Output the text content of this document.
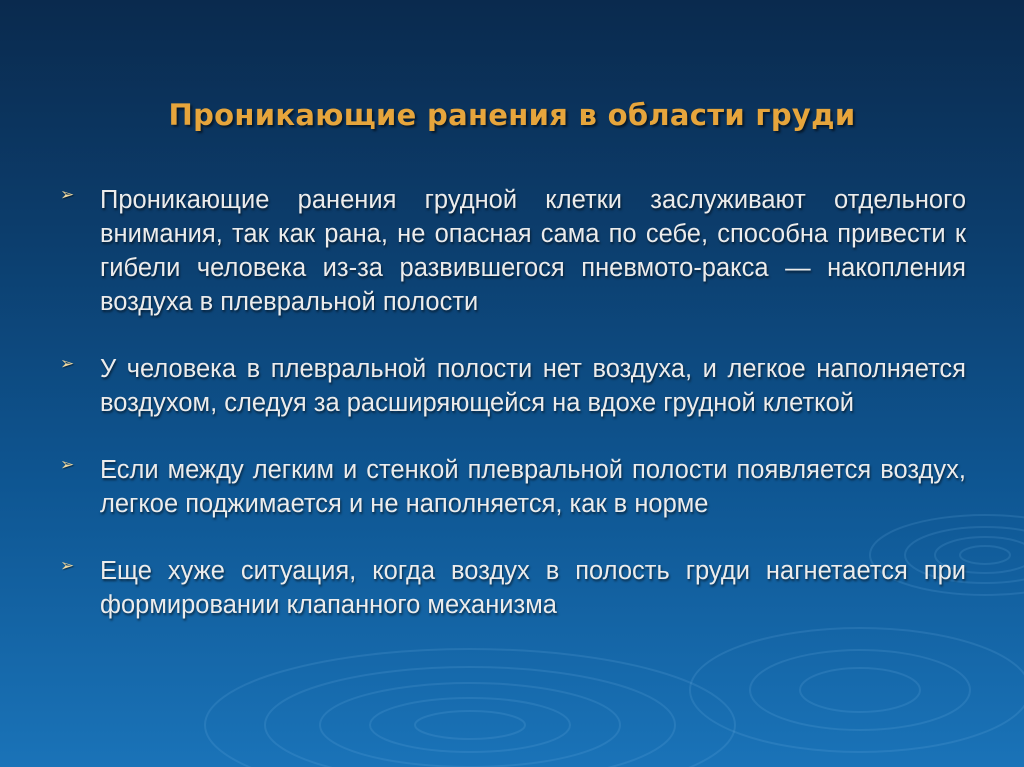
Проникающие ранения в области груди
➢ Проникающие ранения грудной клетки заслуживают отдельного внимания, так как рана, не опасная сама по себе, способна привести к гибели человека из-за развившегося пневмото-ракса — накопления воздуха в плевральной полости
➢ У человека в плевральной полости нет воздуха, и легкое наполняется воздухом, следуя за расширяющейся на вдохе грудной клеткой
➢ Если между легким и стенкой плевральной полости появляется воздух, легкое поджимается и не наполняется, как в норме
➢ Еще хуже ситуация, когда воздух в полость груди нагнетается при формировании клапанного механизма
